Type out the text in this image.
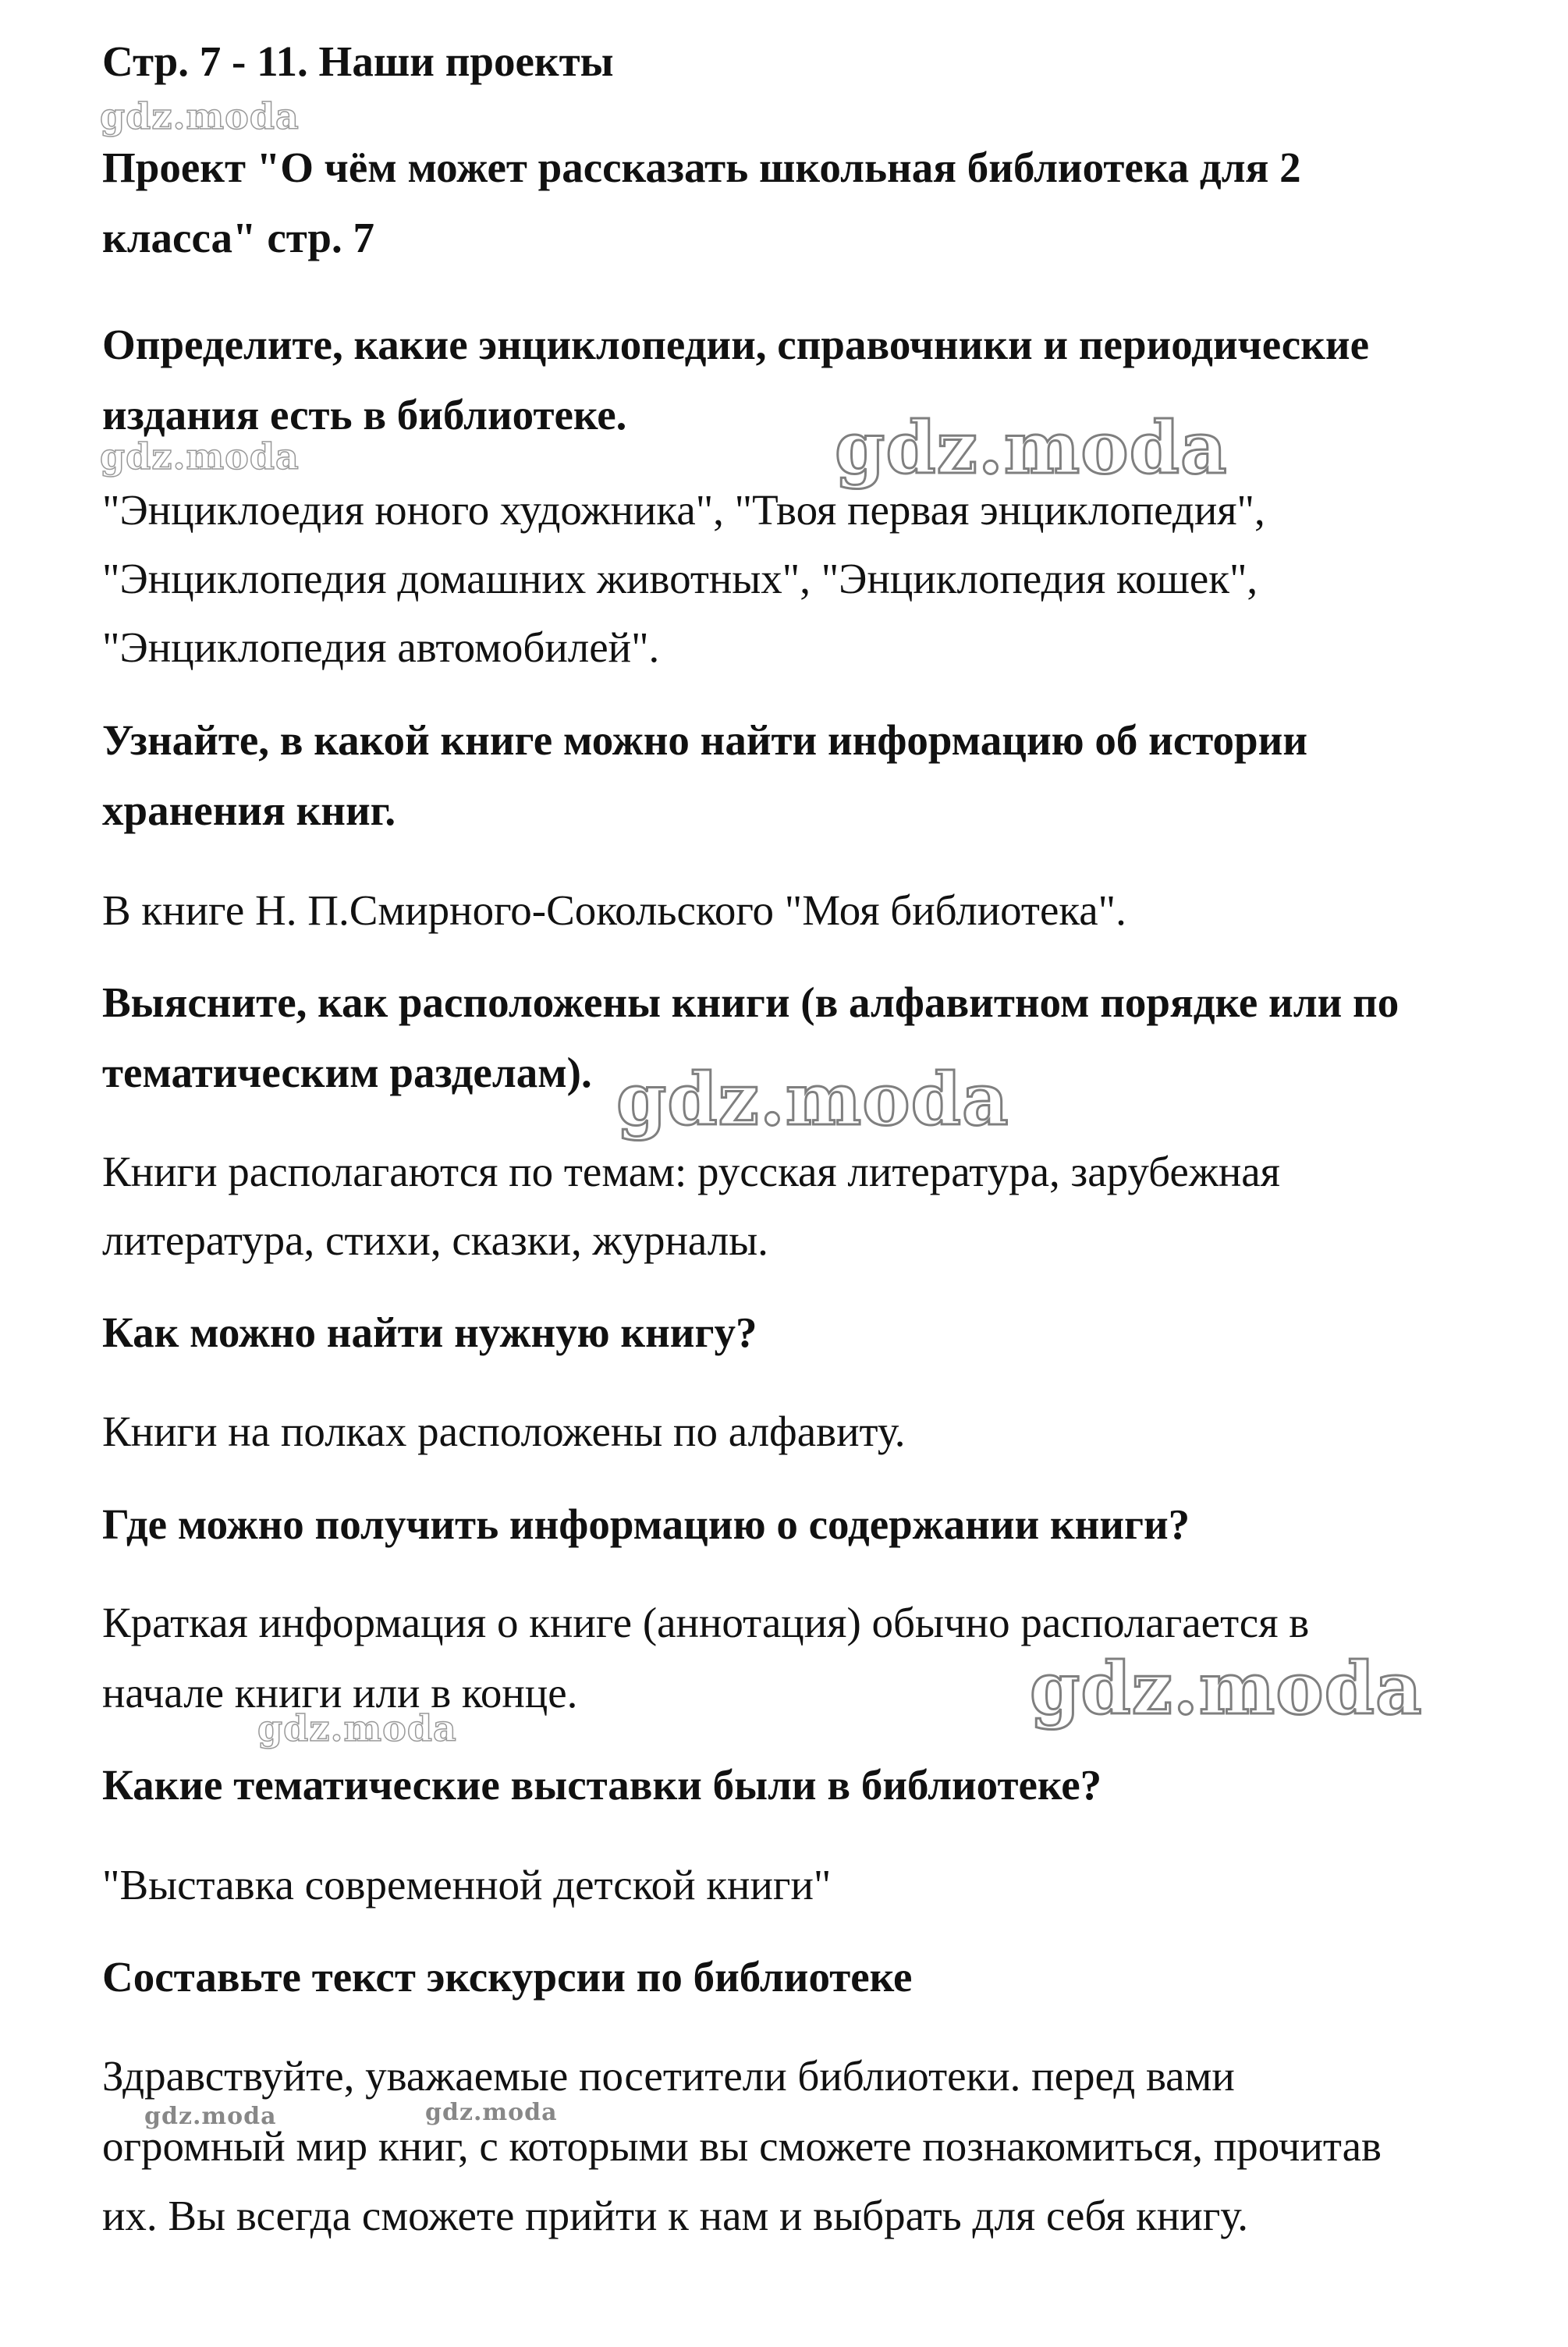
Стр. 7 - 11. Наши проекты
Проект "О чём может рассказать школьная библиотека для 2
класса" стр. 7
Определите, какие энциклопедии, справочники и периодические
издания есть в библиотеке.
"Энциклоедия юного художника", "Твоя первая энциклопедия",
"Энциклопедия домашних животных", "Энциклопедия кошек",
"Энциклопедия автомобилей".
Узнайте, в какой книге можно найти информацию об истории
хранения книг.
В книге Н. П.Смирного-Сокольского "Моя библиотека".
Выясните, как расположены книги (в алфавитном порядке или по
тематическим разделам).
Книги располагаются по темам: русская литература, зарубежная
литература, стихи, сказки, журналы.
Как можно найти нужную книгу?
Книги на полках расположены по алфавиту.
Где можно получить информацию о содержании книги?
Краткая информация о книге (аннотация) обычно располагается в
начале книги или в конце.
Какие тематические выставки были в библиотеке?
"Выставка современной детской книги"
Составьте текст экскурсии по библиотеке
Здравствуйте, уважаемые посетители библиотеки. перед вами
огромный мир книг, с которыми вы сможете познакомиться, прочитав
их. Вы всегда сможете прийти к нам и выбрать для себя книгу.
gdz.moda
gdz.moda	gdz.moda
gdz.moda
gdz.moda
gdz.moda
gdz.moda	gdz.moda
